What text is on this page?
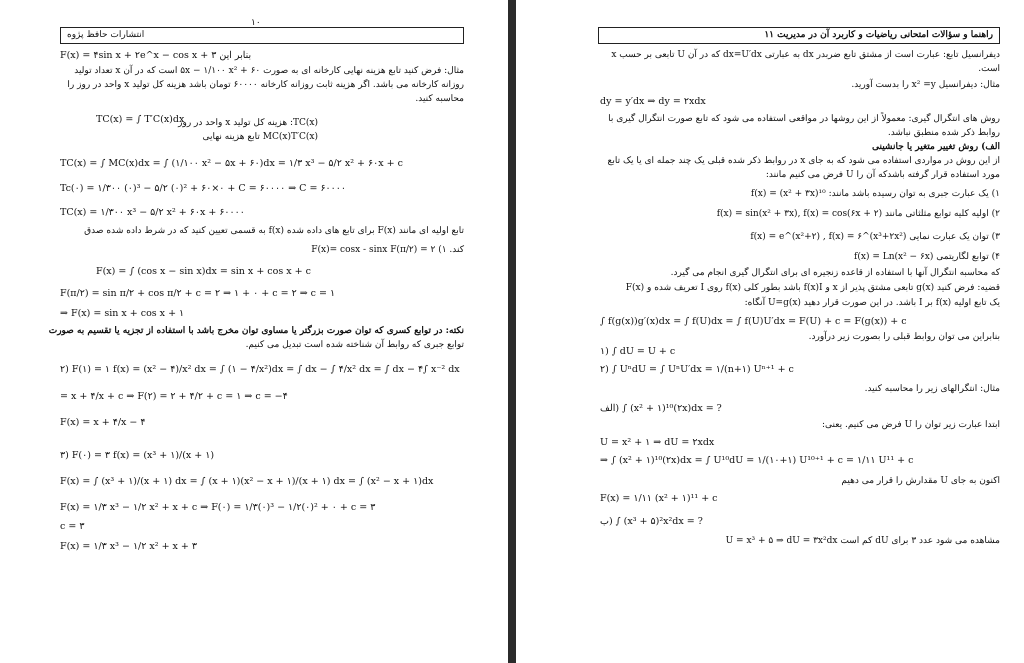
۱۰
انتشارات حافظ پژوه
F(x) = ۴sin x + ۲e^x − cos x + ۳ بنابر این
مثال: فرض کنید تابع هزینه نهایی کارخانه ای به صورت ۶۰ + ۵x − ۱/۱۰۰ x² است که در آن x تعداد تولید
روزانه کارخانه می باشد. اگر هزینه ثابت روزانه کارخانه ۶۰۰۰۰ تومان باشد هزینه کل تولید x واحد در روز را
محاسبه کنید.
TC(x) = ∫ T′C(x)dx
TC(x): هزینه کل تولید x واحد در روز
MC(x)T′C(x) تابع هزینه نهایی
TC(x) = ∫ MC(x)dx = ∫ (۱/۱۰۰ x² − ۵x + ۶۰)dx = ۱/۳ x³ − ۵/۲ x² + ۶۰x + c
Tc(۰) = ۱/۳۰۰ (۰)³ − ۵/۲ (۰)² + ۶۰×۰ + C = ۶۰۰۰۰ ⇒ C = ۶۰۰۰۰
TC(x) = ۱/۳۰۰ x³ − ۵/۲ x² + ۶۰x + ۶۰۰۰۰
تابع اولیه ای مانند F(x) برای تابع های داده شده f(x) به قسمی تعیین کنید که در شرط داده شده صدق
کند. F(x)= cosx - sinx F(π/۲) = ۲ (۱
F(x) = ∫ (cos x − sin x)dx = sin x + cos x + c
F(π/۲) = sin π/۲ + cos π/۲ + c = ۲ ⇒ ۱ + ۰ + c = ۲ ⇒ c = ۱
⇒ F(x) = sin x + cos x + ۱
نکته: در توابع کسری که توان صورت بزرگتر یا مساوی توان مخرج باشد با استفاده از تجزیه یا تقسیم به صورت
توابع جبری که روابط آن شناخته شده است تبدیل می کنیم.
۲) F(۱) = ۱ f(x) = (x² − ۴)/x² dx = ∫ (۱ − ۴/x²)dx = ∫ dx − ∫ ۴/x² dx = ∫ dx − ۴∫ x⁻² dx
= x + ۴/x + c ⇒ F(۲) = ۲ + ۴/۲ + c = ۱ ⇒ c = −۴
F(x) = x + ۴/x − ۴
۳) F(۰) = ۳ f(x) = (x³ + ۱)/(x + ۱)
F(x) = ∫ (x³ + ۱)/(x + ۱) dx = ∫ (x + ۱)(x² − x + ۱)/(x + ۱) dx = ∫ (x² − x + ۱)dx
F(x) = ۱/۳ x³ − ۱/۲ x² + x + c ⇒ F(۰) = ۱/۳(۰)³ − ۱/۲(۰)² + ۰ + c = ۳
c = ۳
F(x) = ۱/۳ x³ − ۱/۲ x² + x + ۳
راهنما و سؤالات امتحانی ریاضیات و کاربرد آن در مدیریت ۱۱
دیفرانسیل تابع: عبارت است از مشتق تابع ضربدر dx به عبارتی dx=U′dx که در آن U تابعی بر حسب x
است.
مثال: دیفرانسیل x² =y را بدست آورید.
dy = y′dx ⇒ dy = ۲xdx
روش های انتگرال گیری: معمولاً از این روشها در مواقعی استفاده می شود که تابع صورت انتگرال گیری با
روابط ذکر شده منطبق نباشد.
الف) روش تغییر متغیر یا جانشینی
از این روش در مواردی استفاده می شود که به جای x در روابط ذکر شده قبلی یک چند جمله ای یا یک تابع
مورد استفاده قرار گرفته باشدکه آن را U فرض می کنیم مانند:
۱) یک عبارت جبری به توان رسیده باشد مانند: f(x) = (x² + ۳x)¹⁰
۲) اولیه کلیه توابع مثلثاتی مانند f(x) = sin(x² + ۳x), f(x) = cos(۶x + ۲)
۳) توان یک عبارت نمایی f(x) = e^(x²+۲) , f(x) = ۶^(x³+۲x²)
۴) توابع لگاریتمی f(x) = Ln(x² − ۶x)
که محاسبه انتگرال آنها با استفاده از قاعده زنجیره ای برای انتگرال گیری انجام می گیرد.
قضیه: فرض کنید g(x) تابعی مشتق پذیر از x و f(x)I باشد بطور کلی f(x) روی I تعریف شده و F(x)
یک تابع اولیه f(x) بر I باشد. در این صورت قرار دهید U=g(x) آنگاه:
∫ f(g(x))g′(x)dx = ∫ f(U)dx = ∫ f(U)U′dx = F(U) + c = F(g(x)) + c
بنابراین می توان روابط قبلی را بصورت زیر درآورد.
۱) ∫ dU = U + c
۲) ∫ UⁿdU = ∫ UⁿU′dx = ۱/(n+۱) Uⁿ⁺¹ + c
مثال: انتگرالهای زیر را محاسبه کنید.
الف) ∫ (x² + ۱)¹⁰(۲x)dx = ?
ابتدا عبارت زیر توان را U فرض می کنیم. یعنی:
U = x² + ۱ ⇒ dU = ۲xdx
⇒ ∫ (x² + ۱)¹⁰(۲x)dx = ∫ U¹⁰dU = ۱/(۱۰+۱) U¹⁰⁺¹ + c = ۱/۱۱ U¹¹ + c
اکنون به جای U مقدارش را قرار می دهیم
F(x) = ۱/۱۱ (x² + ۱)¹¹ + c
ب) ∫ (x³ + ۵)²x²dx = ?
مشاهده می شود عدد ۳ برای dU کم است U = x³ + ۵ ⇒ dU = ۳x²dx
